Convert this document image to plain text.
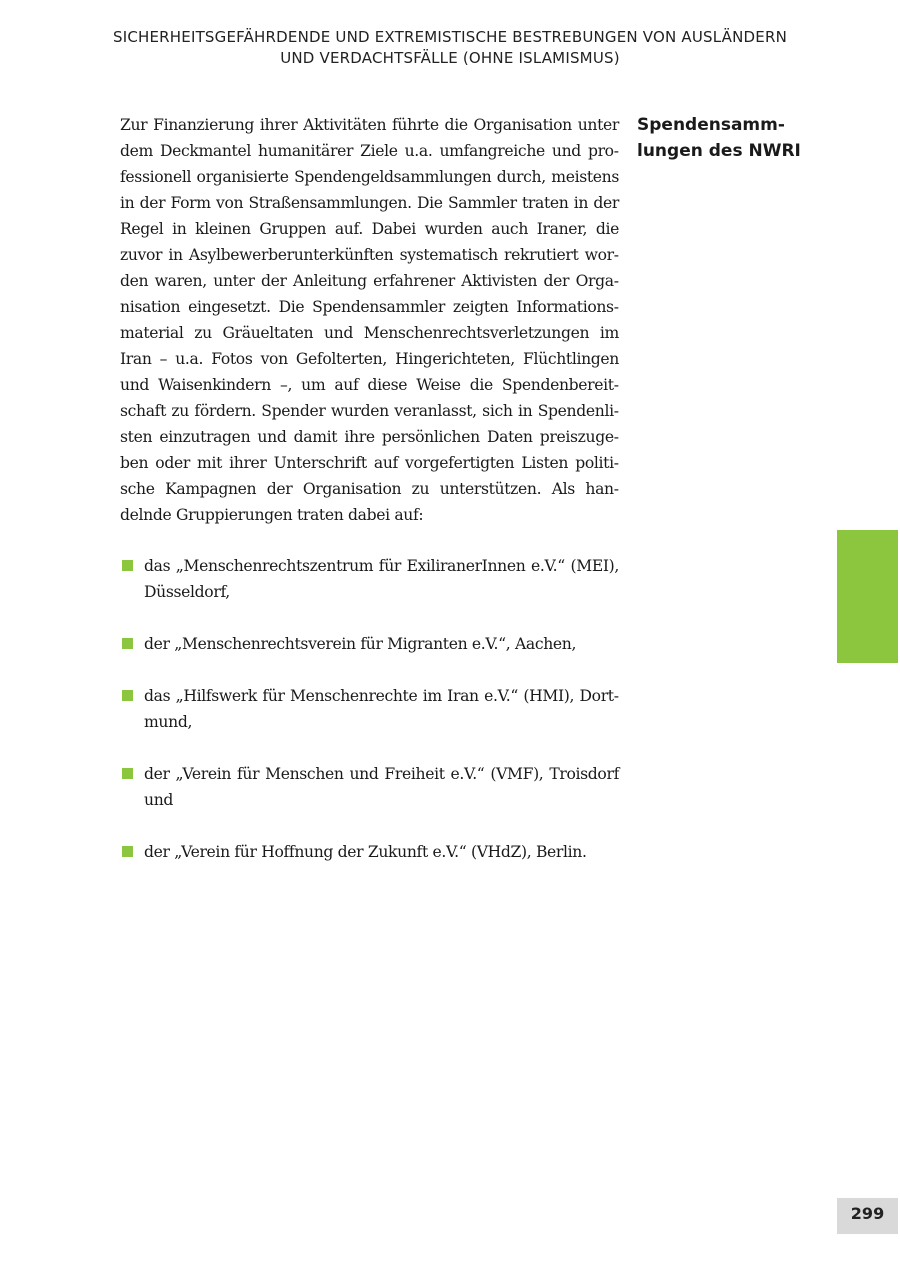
SICHERHEITSGEFÄHRDENDE UND EXTREMISTISCHE BESTREBUNGEN VON AUSLÄNDERN
UND VERDACHTSFÄLLE (OHNE ISLAMISMUS)

Zur Finanzierung ihrer Aktivitäten führte die Organisation unter dem Deckmantel humanitärer Ziele u.a. umfangreiche und professionell organisierte Spendengeldsammlungen durch, meistens in der Form von Straßensammlungen. Die Sammler traten in der Regel in kleinen Gruppen auf. Dabei wurden auch Iraner, die zuvor in Asylbewerberunterkünften systematisch rekrutiert worden waren, unter der Anleitung erfahrener Aktivisten der Organisation eingesetzt. Die Spendensammler zeigten Informationsmaterial zu Gräueltaten und Menschenrechtsverletzungen im Iran – u.a. Fotos von Gefolterten, Hingerichteten, Flüchtlingen und Waisenkindern –, um auf diese Weise die Spendenbereitschaft zu fördern. Spender wurden veranlasst, sich in Spendenlisten einzutragen und damit ihre persönlichen Daten preiszugeben oder mit ihrer Unterschrift auf vorgefertigten Listen politische Kampagnen der Organisation zu unterstützen. Als handelnde Gruppierungen traten dabei auf:

Spendensamm-
lungen des NWRI
das „Menschenrechtszentrum für ExiliranerInnen e.V.“ (MEI), Düsseldorf,
der „Menschenrechtsverein für Migranten e.V.“, Aachen,
das „Hilfswerk für Menschenrechte im Iran e.V.“ (HMI), Dortmund,
der „Verein für Menschen und Freiheit e.V.“ (VMF), Troisdorf und
der „Verein für Hoffnung der Zukunft e.V.“ (VHdZ), Berlin.
299
